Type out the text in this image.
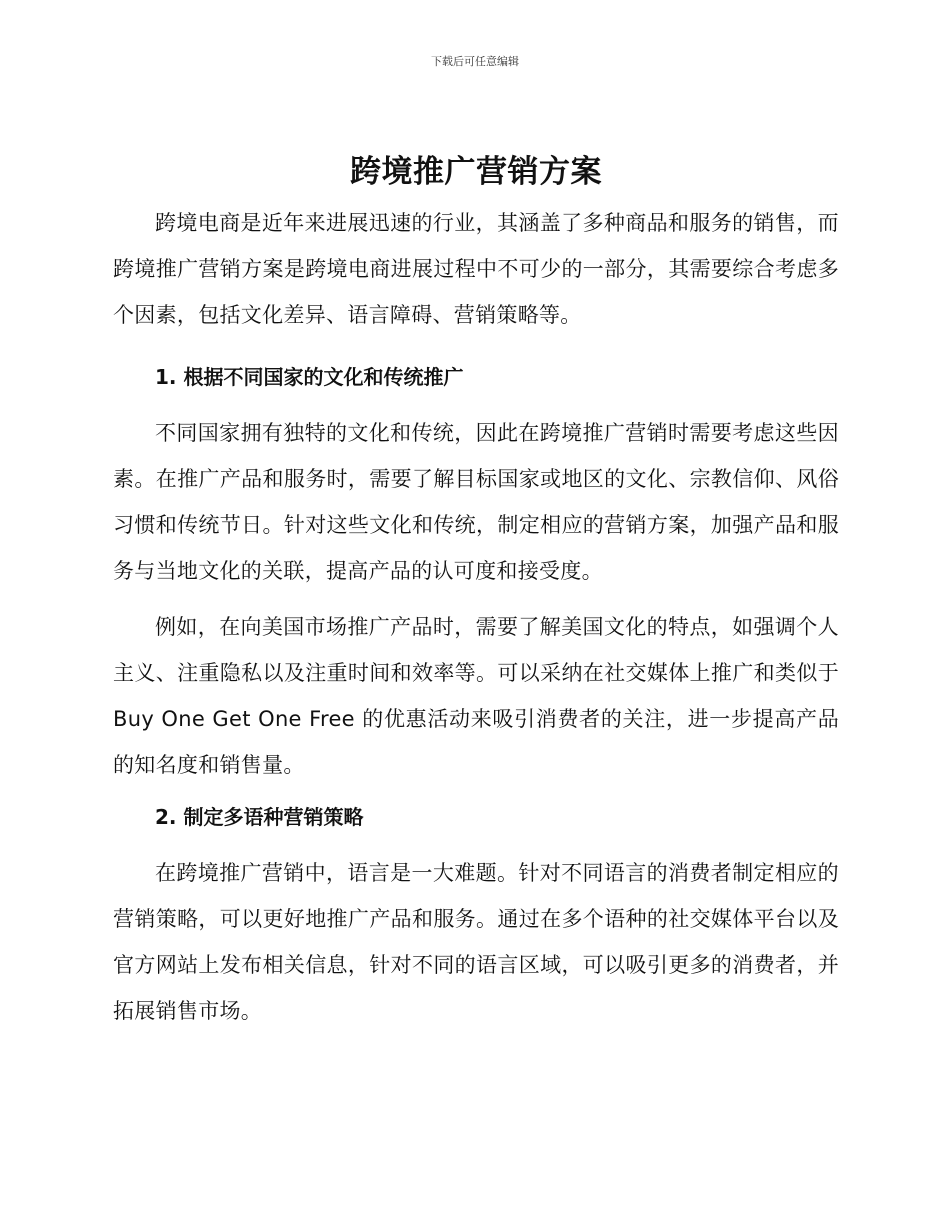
下载后可任意编辑
跨境推广营销方案

跨境电商是近年来进展迅速的行业，其涵盖了多种商品和服务的销售，而跨境推广营销方案是跨境电商进展过程中不可少的一部分，其需要综合考虑多个因素，包括文化差异、语言障碍、营销策略等。

1. 根据不同国家的文化和传统推广

不同国家拥有独特的文化和传统，因此在跨境推广营销时需要考虑这些因素。在推广产品和服务时，需要了解目标国家或地区的文化、宗教信仰、风俗习惯和传统节日。针对这些文化和传统，制定相应的营销方案，加强产品和服务与当地文化的关联，提高产品的认可度和接受度。

例如，在向美国市场推广产品时，需要了解美国文化的特点，如强调个人主义、注重隐私以及注重时间和效率等。可以采纳在社交媒体上推广和类似于 Buy One Get One Free 的优惠活动来吸引消费者的关注，进一步提高产品的知名度和销售量。

2. 制定多语种营销策略

在跨境推广营销中，语言是一大难题。针对不同语言的消费者制定相应的营销策略，可以更好地推广产品和服务。通过在多个语种的社交媒体平台以及官方网站上发布相关信息，针对不同的语言区域，可以吸引更多的消费者，并拓展销售市场。
